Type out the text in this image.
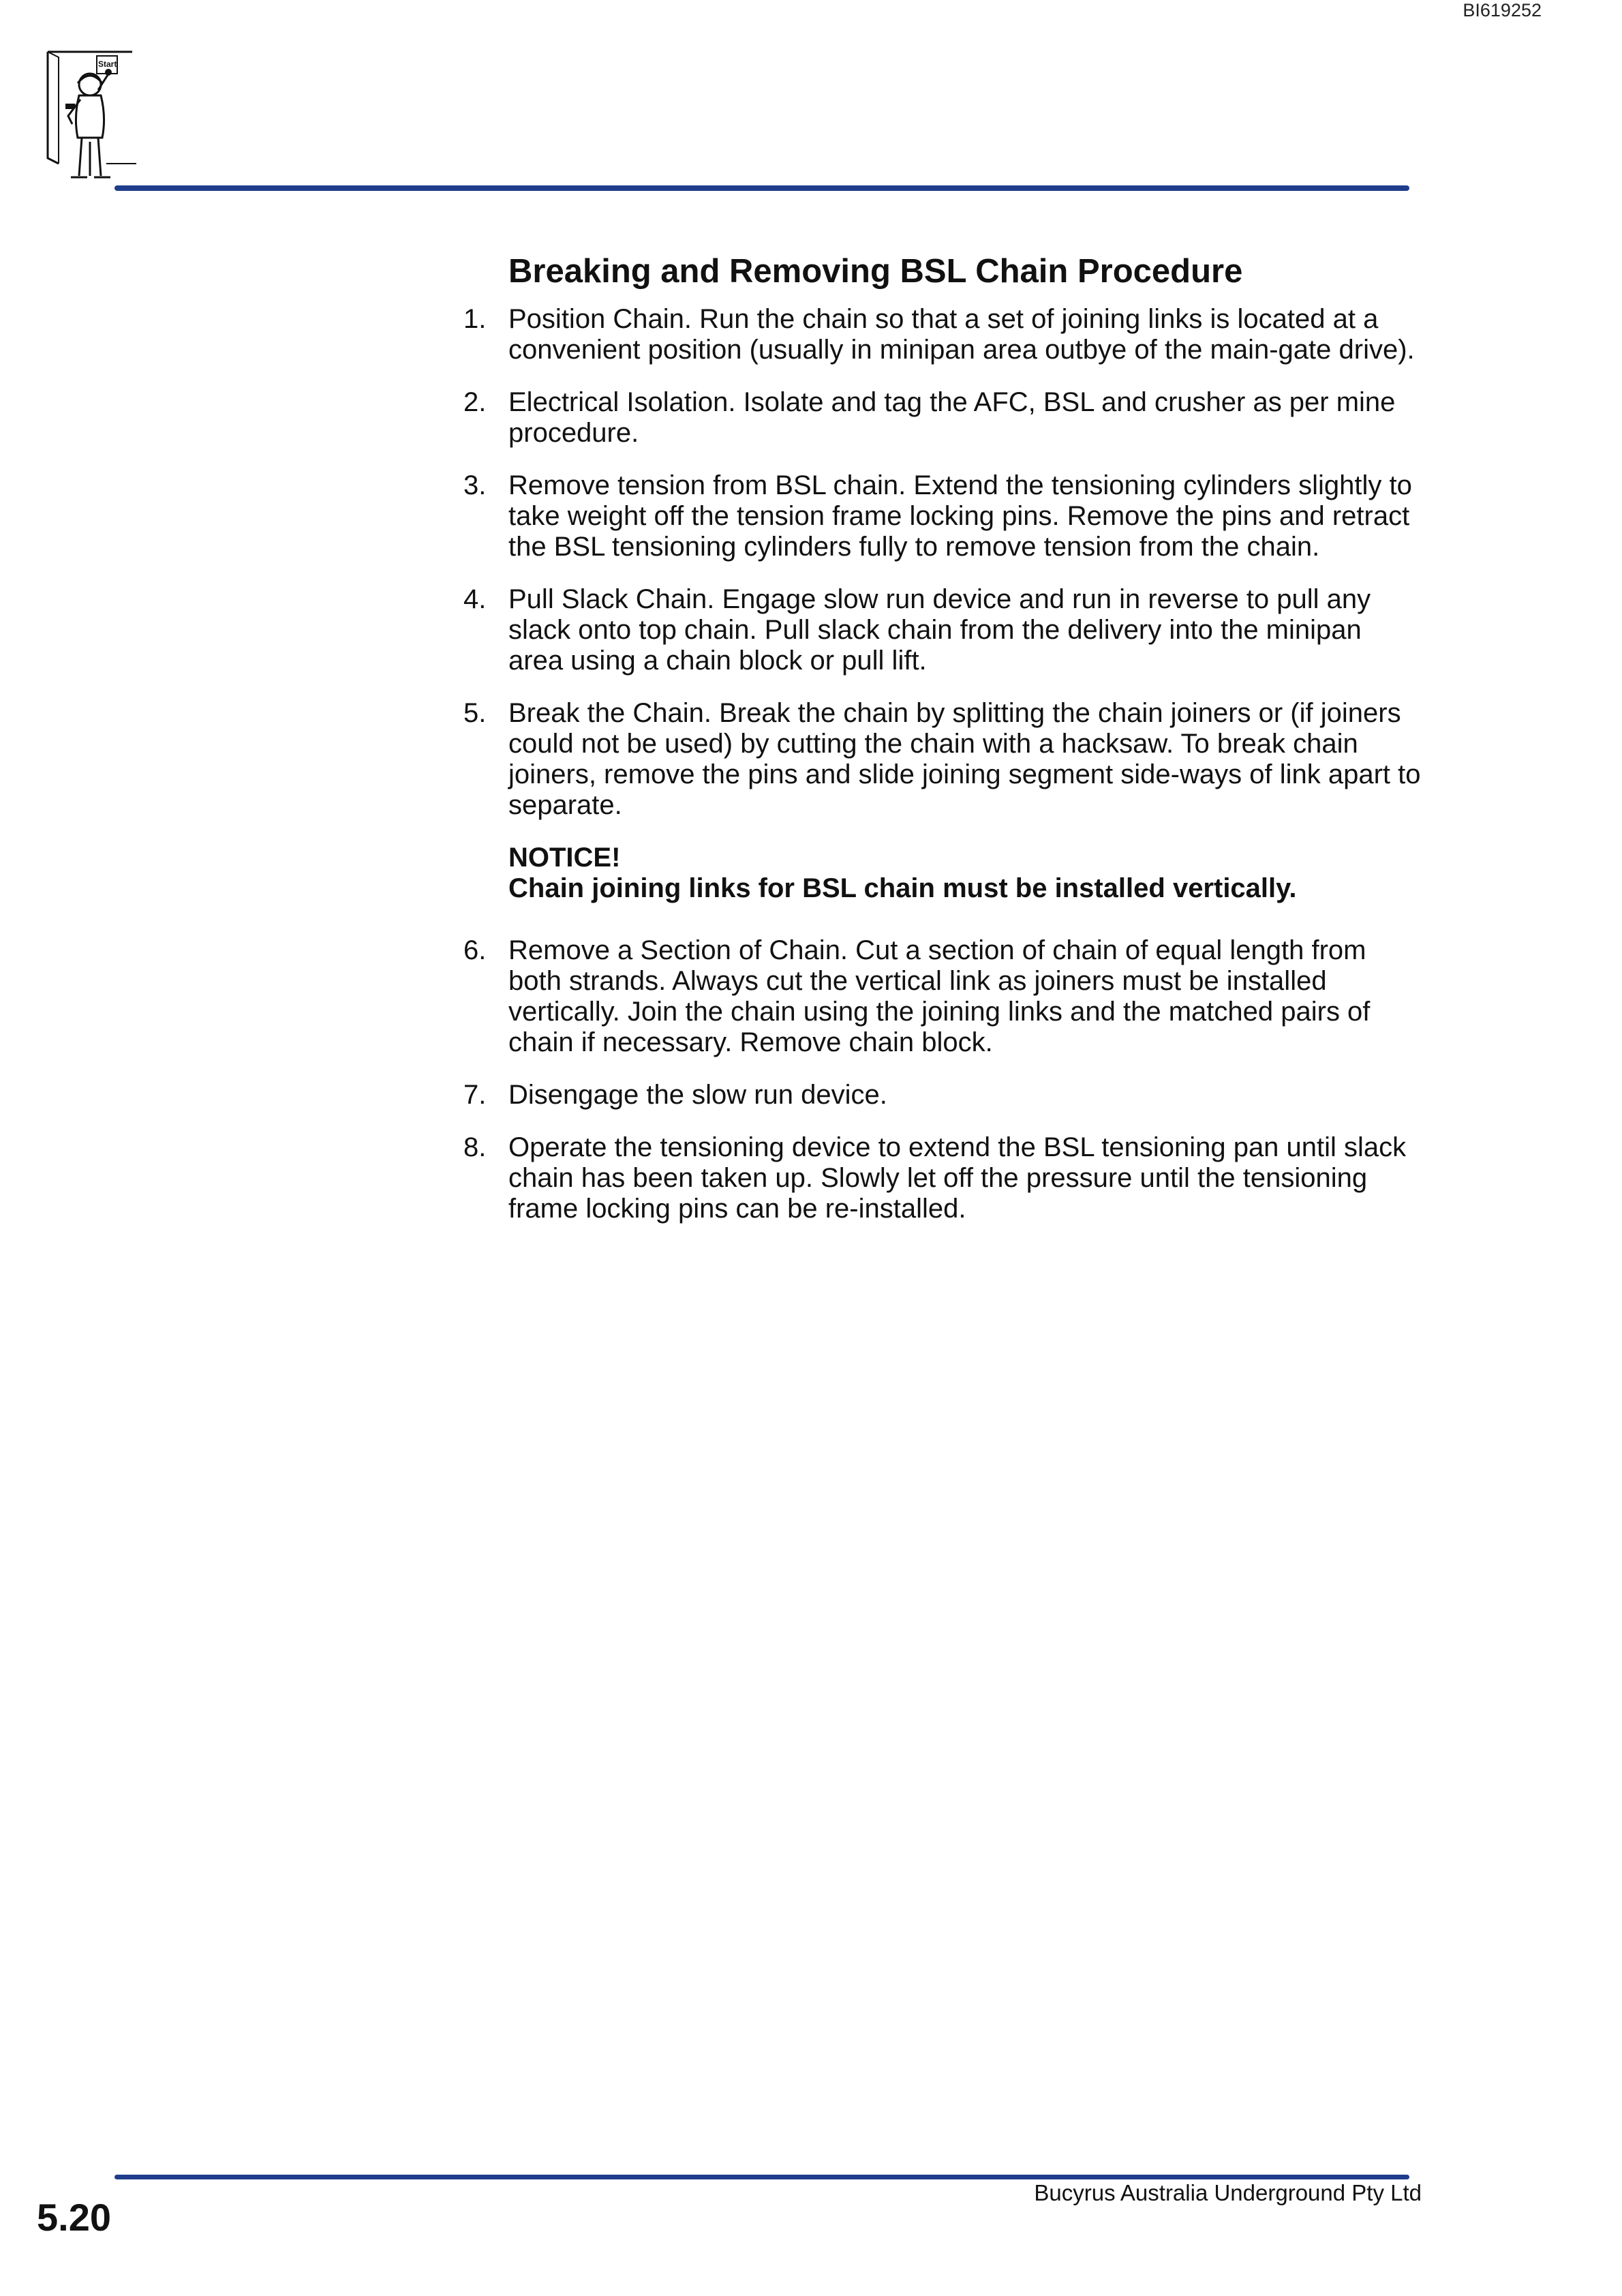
BI619252
Start
Breaking and Removing BSL Chain Procedure
1. Position Chain. Run the chain so that a set of joining links is located at a convenient position (usually in minipan area outbye of the main-gate drive).
2. Electrical Isolation. Isolate and tag the AFC, BSL and crusher as per mine procedure.
3. Remove tension from BSL chain. Extend the tensioning cylinders slightly to take weight off the tension frame locking pins. Remove the pins and retract the BSL tensioning cylinders fully to remove tension from the chain.
4. Pull Slack Chain. Engage slow run device and run in reverse to pull any slack onto top chain. Pull slack chain from the delivery into the minipan area using a chain block or pull lift.
5. Break the Chain. Break the chain by splitting the chain joiners or (if joiners could not be used) by cutting the chain with a hacksaw. To break chain joiners, remove the pins and slide joining segment side-ways of link apart to separate.
NOTICE!
Chain joining links for BSL chain must be installed vertically.
6. Remove a Section of Chain. Cut a section of chain of equal length from both strands. Always cut the vertical link as joiners must be installed vertically. Join the chain using the joining links and the matched pairs of chain if necessary. Remove chain block.
7. Disengage the slow run device.
8. Operate the tensioning device to extend the BSL tensioning pan until slack chain has been taken up. Slowly let off the pressure until the tensioning frame locking pins can be re-installed.
5.20
Bucyrus Australia Underground Pty Ltd
